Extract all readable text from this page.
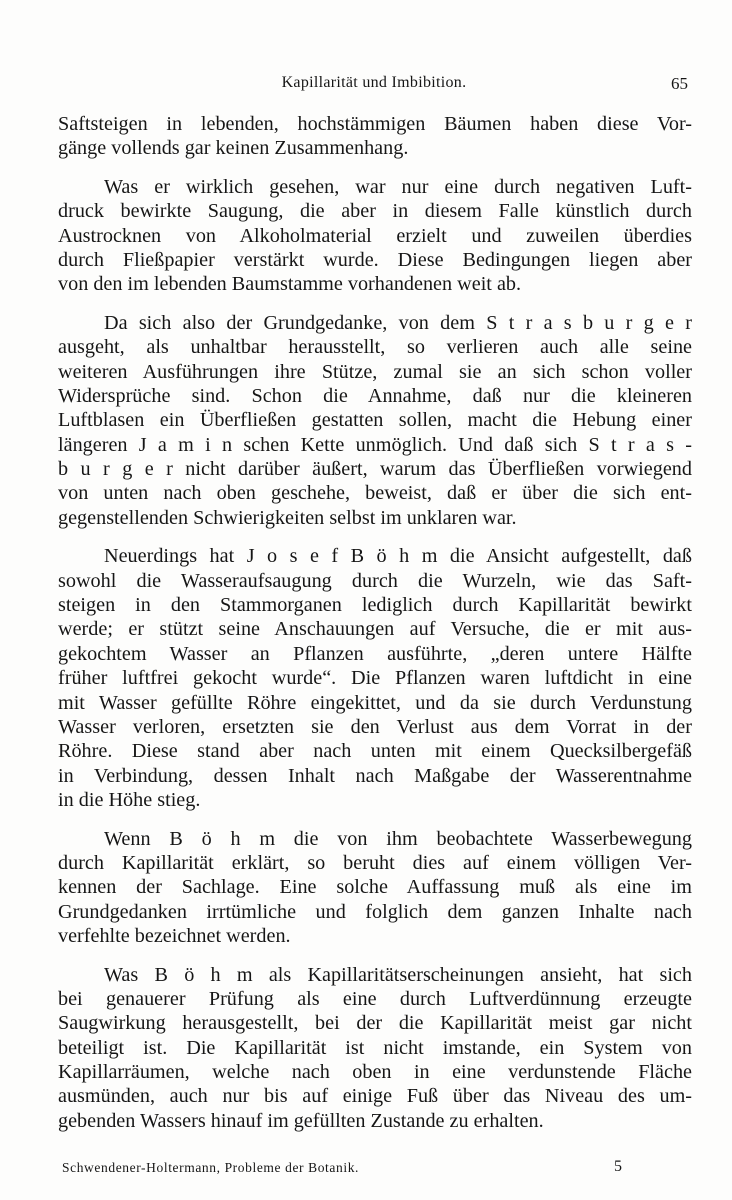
Kapillarität und Imbibition.	65
Saftsteigen in lebenden, hochstämmigen Bäumen haben diese Vor-
gänge vollends gar keinen Zusammenhang.
Was er wirklich gesehen, war nur eine durch negativen Luft-
druck bewirkte Saugung, die aber in diesem Falle künstlich durch
Austrocknen von Alkoholmaterial erzielt und zuweilen überdies
durch Fließpapier verstärkt wurde. Diese Bedingungen liegen aber
von den im lebenden Baumstamme vorhandenen weit ab.
Da sich also der Grundgedanke, von dem S t r a s b u r g e r
ausgeht, als unhaltbar herausstellt, so verlieren auch alle seine
weiteren Ausführungen ihre Stütze, zumal sie an sich schon voller
Widersprüche sind. Schon die Annahme, daß nur die kleineren
Luftblasen ein Überfließen gestatten sollen, macht die Hebung einer
längeren J a m i n schen Kette unmöglich. Und daß sich S t r a s -
b u r g e r nicht darüber äußert, warum das Überfließen vorwiegend
von unten nach oben geschehe, beweist, daß er über die sich ent-
gegenstellenden Schwierigkeiten selbst im unklaren war.
Neuerdings hat J o s e f B ö h m die Ansicht aufgestellt, daß
sowohl die Wasseraufsaugung durch die Wurzeln, wie das Saft-
steigen in den Stammorganen lediglich durch Kapillarität bewirkt
werde; er stützt seine Anschauungen auf Versuche, die er mit aus-
gekochtem Wasser an Pflanzen ausführte, „deren untere Hälfte
früher luftfrei gekocht wurde“. Die Pflanzen waren luftdicht in eine
mit Wasser gefüllte Röhre eingekittet, und da sie durch Verdunstung
Wasser verloren, ersetzten sie den Verlust aus dem Vorrat in der
Röhre. Diese stand aber nach unten mit einem Quecksilbergefäß
in Verbindung, dessen Inhalt nach Maßgabe der Wasserentnahme
in die Höhe stieg.
Wenn B ö h m die von ihm beobachtete Wasserbewegung
durch Kapillarität erklärt, so beruht dies auf einem völligen Ver-
kennen der Sachlage. Eine solche Auffassung muß als eine im
Grundgedanken irrtümliche und folglich dem ganzen Inhalte nach
verfehlte bezeichnet werden.
Was B ö h m als Kapillaritätserscheinungen ansieht, hat sich
bei genauerer Prüfung als eine durch Luftverdünnung erzeugte
Saugwirkung herausgestellt, bei der die Kapillarität meist gar nicht
beteiligt ist. Die Kapillarität ist nicht imstande, ein System von
Kapillarräumen, welche nach oben in eine verdunstende Fläche
ausmünden, auch nur bis auf einige Fuß über das Niveau des um-
gebenden Wassers hinauf im gefüllten Zustande zu erhalten.
Schwendener-Holtermann, Probleme der Botanik.	5
